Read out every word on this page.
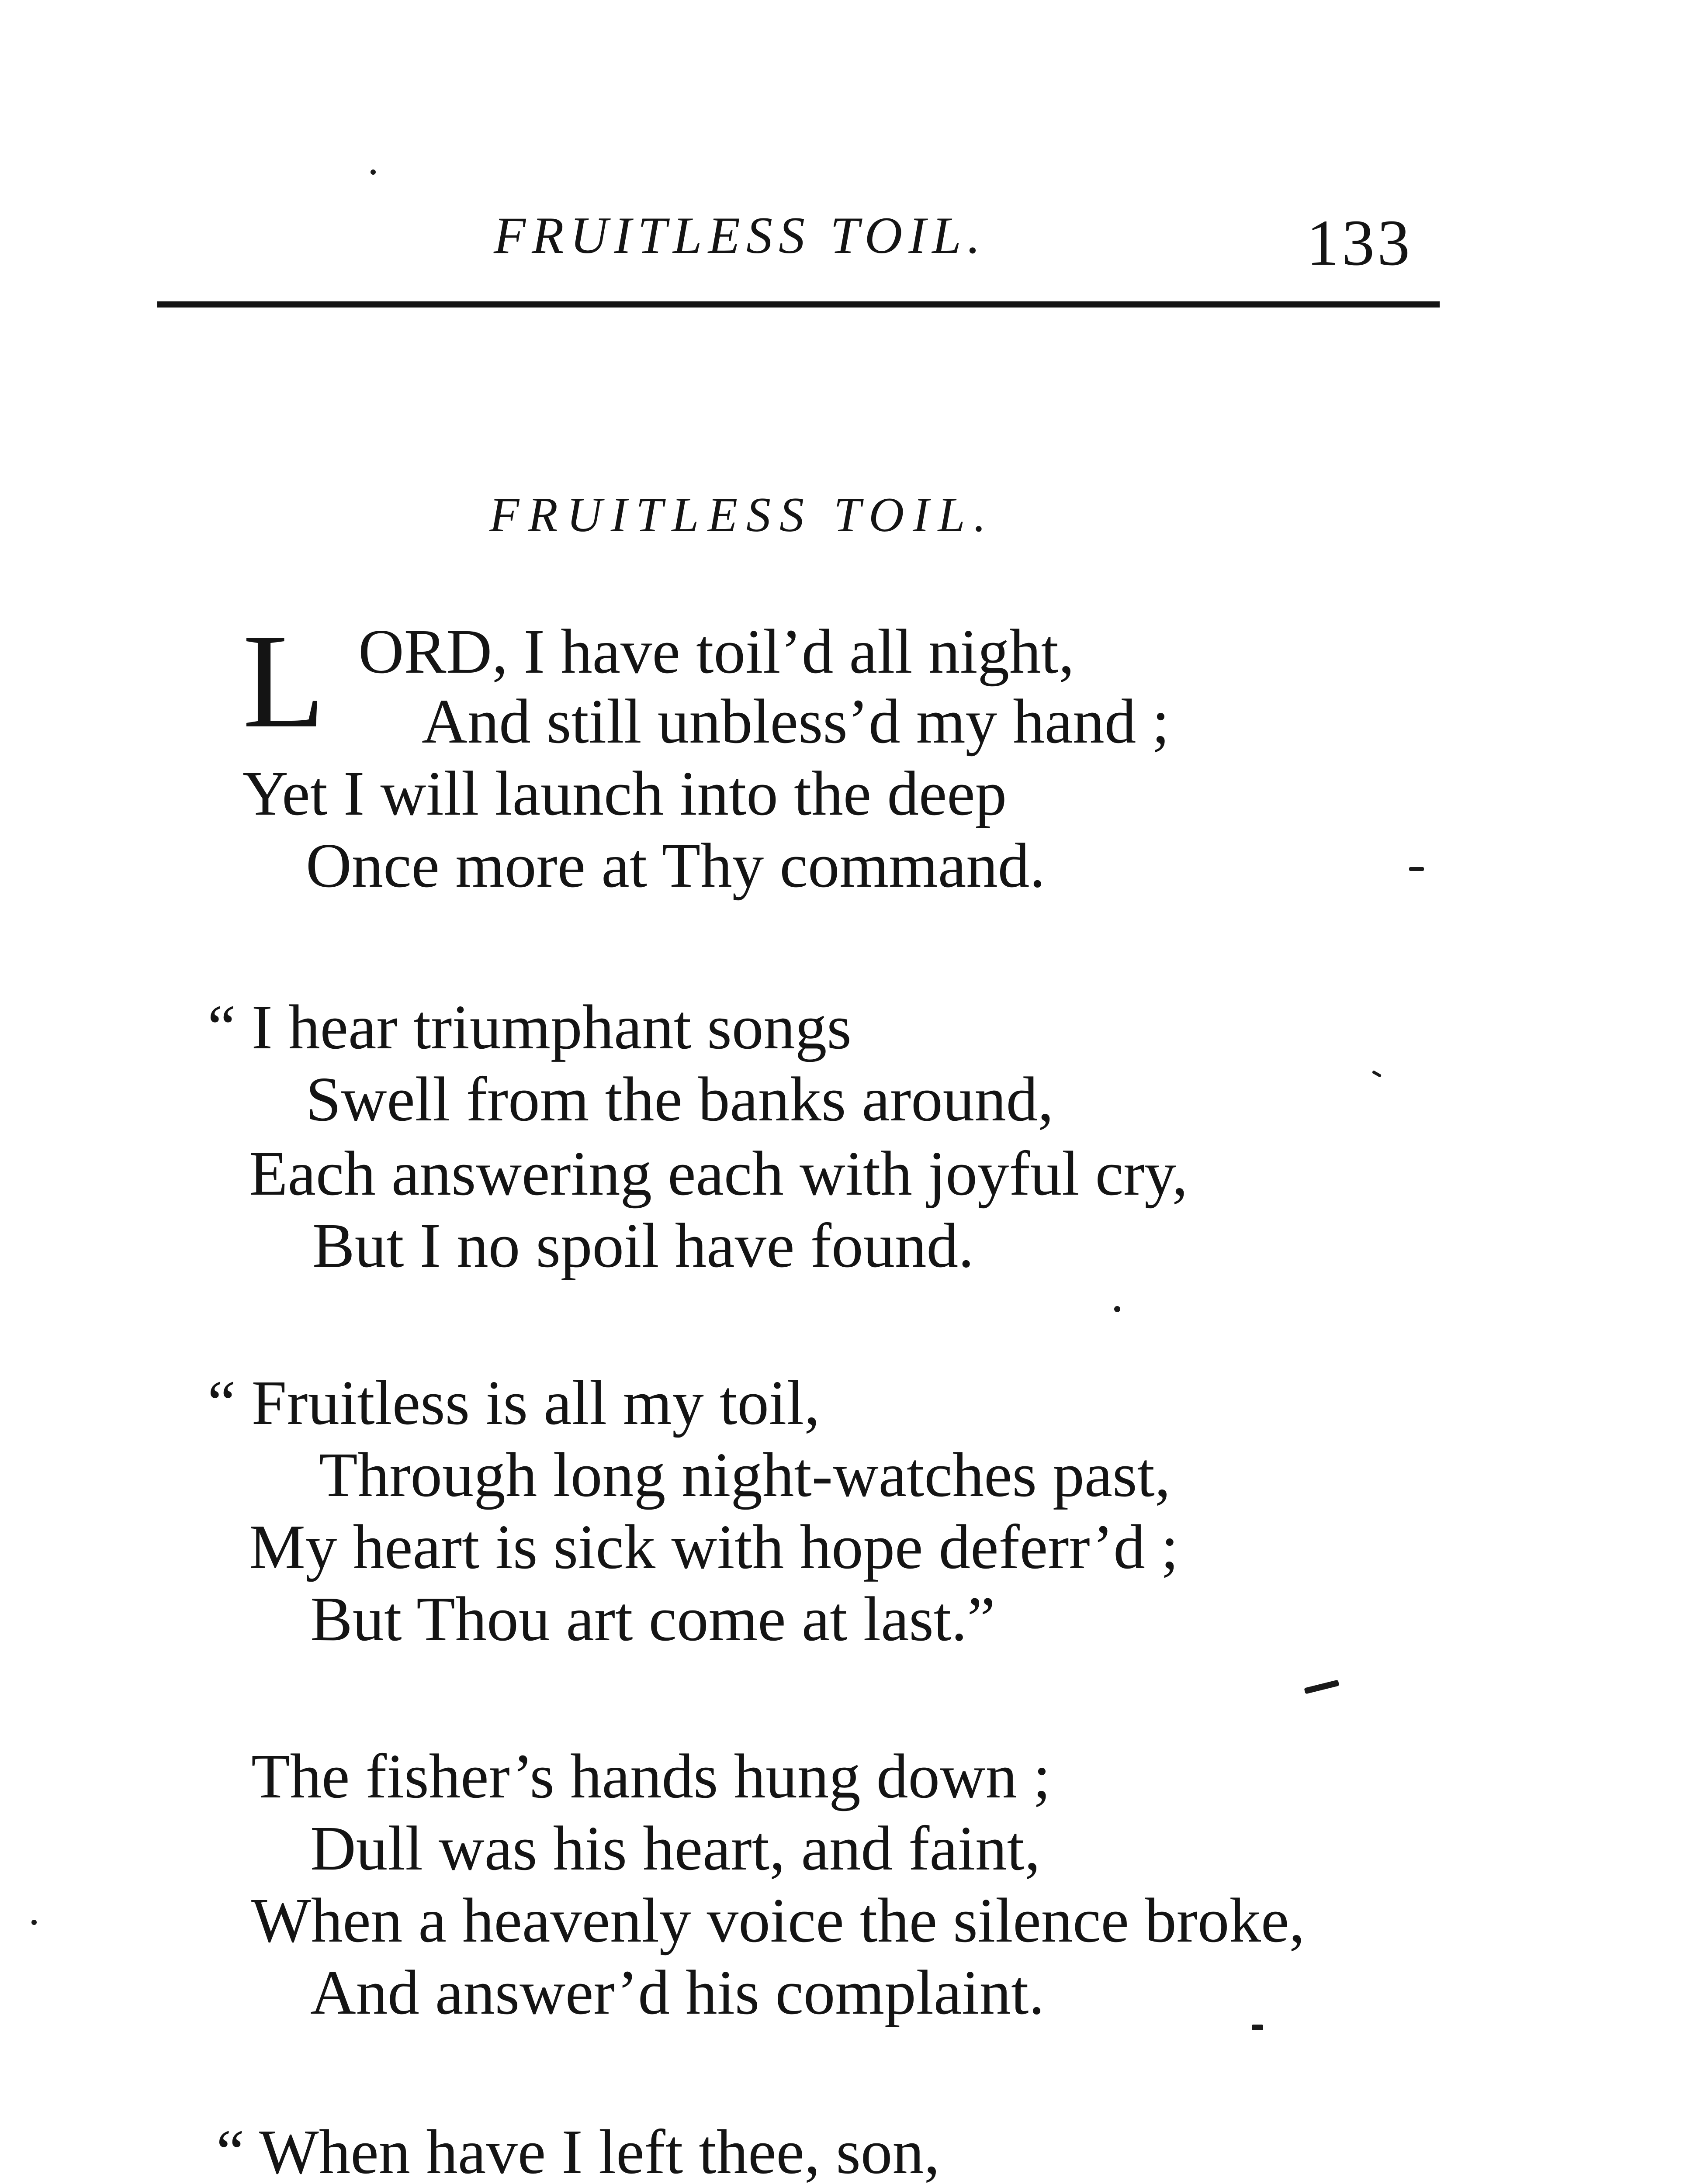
FRUITLESS TOIL.	133
FRUITLESS TOIL.
L ORD, I have toil’d all night,
And still unbless’d my hand ;
Yet I will launch into the deep
Once more at Thy command.
“ I hear triumphant songs
Swell from the banks around,
Each answering each with joyful cry,
But I no spoil have found.
“ Fruitless is all my toil,
Through long night-watches past,
My heart is sick with hope deferr’d ;
But Thou art come at last.”
The fisher’s hands hung down ;
Dull was his heart, and faint,
When a heavenly voice the silence broke,
And answer’d his complaint.
“ When have I left thee, son,
